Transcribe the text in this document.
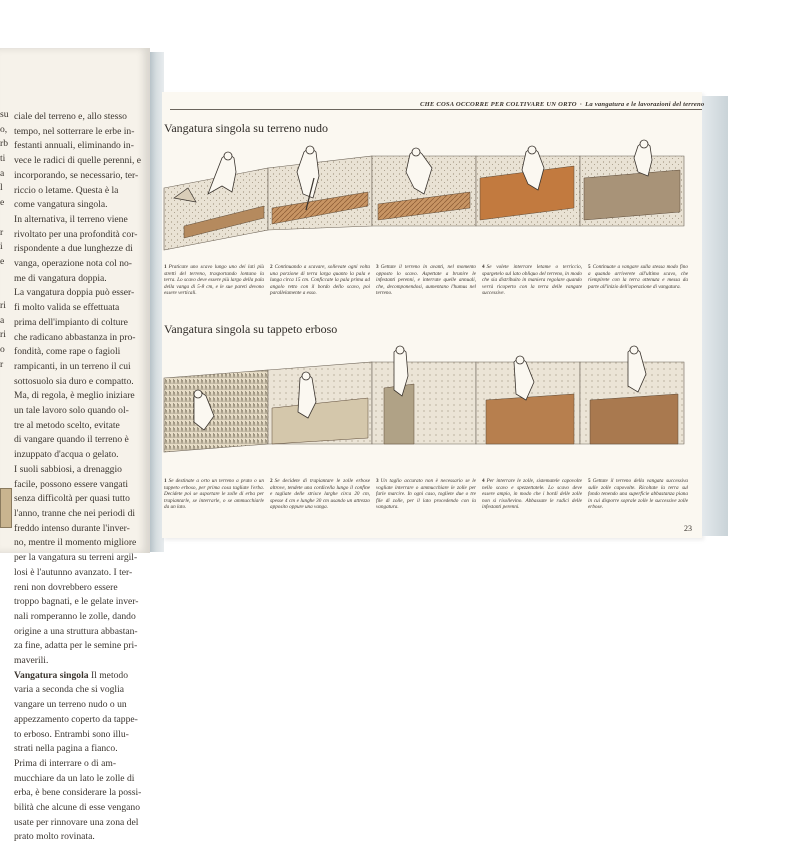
su
o,
rb
ti
a
l
e
r
i
e
ri
a
ri
o
r
ciale del terreno e, allo stesso
tempo, nel sotterrare le erbe in-
festanti annuali, eliminando in-
vece le radici di quelle perenni, e
incorporando, se necessario, ter-
riccio o letame. Questa è la
come vangatura singola.
In alternativa, il terreno viene
rivoltato per una profondità cor-
rispondente a due lunghezze di
vanga, operazione nota col no-
me di vangatura doppia.
La vangatura doppia può esser-
fi molto valida se effettuata
prima dell'impianto di colture
che radicano abbastanza in pro-
fondità, come rape o fagioli
rampicanti, in un terreno il cui
sottosuolo sia duro e compatto.
Ma, di regola, è meglio iniziare
un tale lavoro solo quando ol-
tre al metodo scelto, evitate
di vangare quando il terreno è
inzuppato d'acqua o gelato.
I suoli sabbiosi, a drenaggio
facile, possono essere vangati
senza difficoltà per quasi tutto
l'anno, tranne che nei periodi di
freddo intenso durante l'inver-
no, mentre il momento migliore
per la vangatura su terreni argil-
losi è l'autunno avanzato. I ter-
reni non dovrebbero essere
troppo bagnati, e le gelate inver-
nali romperanno le zolle, dando
origine a una struttura abbastan-
za fine, adatta per le semine pri-
maverili.
Vangatura singola Il metodo
varia a seconda che si voglia
vangare un terreno nudo o un
appezzamento coperto da tappe-
to erboso. Entrambi sono illu-
strati nella pagina a fianco.
Prima di interrare o di am-
mucchiare da un lato le zolle di
erba, è bene considerare la possi-
bilità che alcune di esse vengano
usate per rinnovare una zona del
prato molto rovinata.
CHE COSA OCCORRE PER COLTIVARE UN ORTO · La vangatura e le lavorazioni del terreno
Vangatura singola su terreno nudo
1 Praticate uno scavo lungo uno dei lati più stretti del terreno, trasportando lontano la terra. Lo scavo deve essere più largo della pala della vanga di 5-8 cm, e le sue pareti devono essere verticali.
2 Continuando a scavare, sollevate ogni volta una porzione di terra larga quanto la pala e lunga circa 15 cm. Conficcate la pala prima ad angolo retto con il bordo dello scavo, poi parallelamente a esso.
3 Gettate il terreno in avanti, nel momento opposto lo scavo. Aspettate a brunire le infestanti perenni, e interrate quelle annuali, che, decomponendosi, aumentano l'humus nel terreno.
4 Se volete interrare letame o terriccio, spargetelo sul lato obliquo del terreno, in modo che sia distribuito in maniera regolare quando verrà ricoperto con la terra delle vangate successive.
5 Continuate a vangare sulla stessa modo fino a quando arriverete all'ultimo scavo, che riempirete con la terra ottenuta e messa da parte all'inizio dell'operazione di vangatura.
Vangatura singola su tappeto erboso
1 Se destinate a orto un terreno a prato o un tappeto erboso, per prima cosa tagliate l'erba. Decidete poi se asportare le zolle di erba per trapiantarle, se interrarle, o se ammucchiarle da un lato.
2 Se decidete di trapiantare le zolle erbose altrove, tendete una cordicella lungo il confine e tagliate delle strisce larghe circa 20 cm, spesse 4 cm e lunghe 30 cm usando un attrezzo apposito oppure una vanga.
3 Un taglio accurato non è necessario se le vogliate interrare o ammucchiare le zolle per farle marcire. In ogni caso, togliete due o tre file di zolle, per il lato procedendo con la vangatura.
4 Per interrare le zolle, sistematele capovolte nello scavo e spezzettatele. Lo scavo deve essere ampio, in modo che i bordi delle zolle non si risollevino. Abbassate le radici delle infestanti perenni.
5 Gettate il terreno della vangata successiva sulle zolle capovolte. Ricoltate la terra sul fondo tenendo una superficie abbastanza piana in cui disporre soprale zolle le successive zolle erbose.
23
